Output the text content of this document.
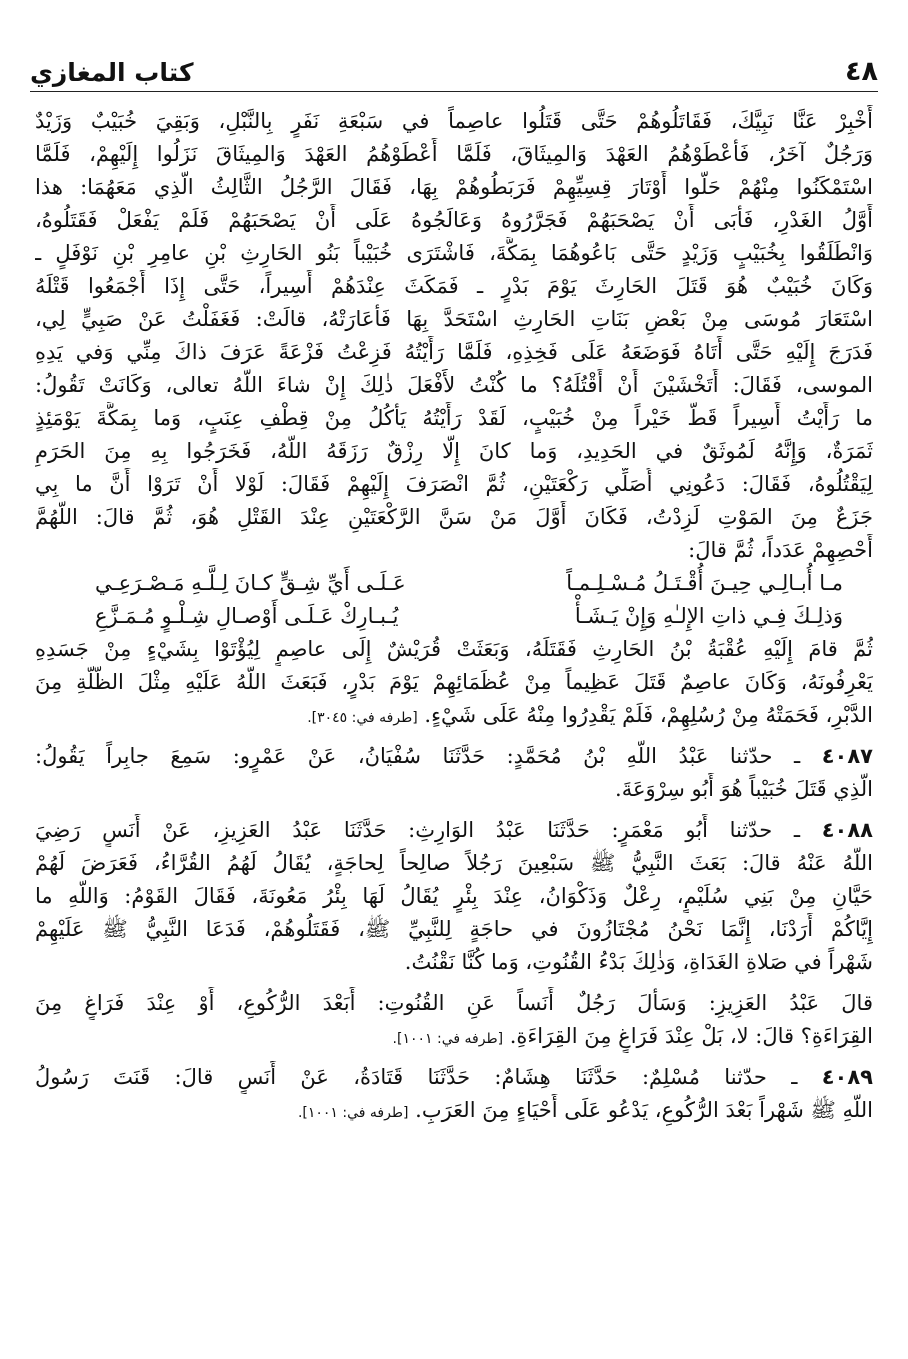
٤٨
كتاب المغازي
أَخْبِرْ عَنَّا نَبِيَّكَ، فَقَاتَلُوهُمْ حَتَّى قَتَلُوا عاصِماً في سَبْعَةِ نَفَرٍ بِالنَّبْلِ، وَبَقِيَ خُبَيْبٌ وَزَيْدٌ
وَرَجُلٌ آخَرُ، فَأَعْطَوْهُمُ العَهْدَ وَالمِيثَاقَ، فَلَمَّا أَعْطَوْهُمُ العَهْدَ وَالمِيثَاقَ نَزَلُوا إِلَيْهِمْ، فَلَمَّا
اسْتَمْكَنُوا مِنْهُمْ حَلُّوا أَوْتَارَ قِسِيِّهِمْ فَرَبَطُوهُمْ بِهَا، فَقَالَ الرَّجُلُ الثَّالِثُ الَّذِي مَعَهُمَا: هذا
أَوَّلُ الغَدْرِ، فَأَبَى أَنْ يَصْحَبَهُمْ فَجَرَّرُوهُ وَعَالَجُوهُ عَلَى أَنْ يَصْحَبَهُمْ فَلَمْ يَفْعَلْ فَقَتَلُوهُ،
وَانْطَلَقُوا بِخُبَيْبٍ وَزَيْدٍ حَتَّى بَاعُوهُمَا بِمَكَّةَ، فَاشْتَرَى خُبَيْباً بَنُو الحَارِثِ بْنِ عامِرِ بْنِ نَوْفَلٍ ـ
وَكَانَ خُبَيْبٌ هُوَ قَتَلَ الحَارِثَ يَوْمَ بَدْرٍ ـ فَمَكَثَ عِنْدَهُمْ أَسِيراً، حَتَّى إِذَا أَجْمَعُوا قَتْلَهُ
اسْتَعَارَ مُوسَى مِنْ بَعْضِ بَنَاتِ الحَارِثِ اسْتَحَدَّ بِهَا فَأَعَارَتْهُ، قالَتْ: فَغَفَلْتُ عَنْ صَبِيٍّ لِي،
فَدَرَجَ إِلَيْهِ حَتَّى أَتَاهُ فَوَضَعَهُ عَلَى فَخِذِهِ، فَلَمَّا رَأَيْتُهُ فَزِعْتُ فَزْعَةً عَرَفَ ذاكَ مِنِّي وَفي يَدِهِ
الموسى، فَقَالَ: أَتَخْشَيْنَ أَنْ أَقْتُلَهُ؟ ما كُنْتُ لأَفْعَلَ ذٰلِكَ إِنْ شاءَ اللَّهُ تعالى، وَكَانَتْ تَقُولُ:
ما رَأَيْتُ أَسِيراً قَطُّ خَيْراً مِنْ خُبَيْبٍ، لَقَدْ رَأَيْتُهُ يَأْكُلُ مِنْ قِطْفِ عِنَبٍ، وَما بِمَكَّةَ يَوْمَئِذٍ
ثَمَرَةٌ، وَإِنَّهُ لَمُوثَقٌ في الحَدِيدِ، وَما كانَ إِلَّا رِزْقٌ رَزَقَهُ اللَّهُ، فَخَرَجُوا بِهِ مِنَ الحَرَمِ
لِيَقْتُلُوهُ، فَقَالَ: دَعُونِي أُصَلِّي رَكْعَتَيْنِ، ثُمَّ انْصَرَفَ إِلَيْهِمْ فَقَالَ: لَوْلا أَنْ تَرَوْا أَنَّ ما بِي
جَزَعٌ مِنَ المَوْتِ لَزِدْتُ، فَكَانَ أَوَّلَ مَنْ سَنَّ الرَّكْعَتَيْنِ عِنْدَ القَتْلِ هُوَ، ثُمَّ قالَ: اللَّهُمَّ
أَحْصِهِمْ عَدَداً، ثُمَّ قالَ:
مـا أُبـالِـي حِيـنَ أُقْـتَـلُ مُـسْـلِـمـاً
عَـلَـى أَيِّ شِـقٍّ كـانَ لِـلَّـهِ مَـصْـرَعِـي
وَذلِـكَ فِـي ذاتِ الإِلـٰهِ وَإِنْ يَـشَـأْ
يُـبـارِكْ عَـلَـى أَوْصـالِ شِـلْـوٍ مُـمَـزَّعِ
ثُمَّ قامَ إِلَيْهِ عُقْبَةُ بْنُ الحَارِثِ فَقَتَلَهُ، وَبَعَثَتْ قُرَيْشٌ إِلَى عاصِمٍ لِيُؤْتَوْا بِشَيْءٍ مِنْ جَسَدِهِ
يَعْرِفُونَهُ، وَكَانَ عاصِمٌ قَتَلَ عَظِيماً مِنْ عُظَمَائِهِمْ يَوْمَ بَدْرٍ، فَبَعَثَ اللَّهُ عَلَيْهِ مِثْلَ الظُّلَّةِ مِنَ
الدَّبْرِ، فَحَمَتْهُ مِنْ رُسُلِهِمْ، فَلَمْ يَقْدِرُوا مِنْهُ عَلَى شَيْءٍ. [طرفه في: ٣٠٤٥].
٤٠٨٧ ـ حدّثنا عَبْدُ اللَّهِ بْنُ مُحَمَّدٍ: حَدَّثَنَا سُفْيَانُ، عَنْ عَمْرٍو: سَمِعَ جابِراً يَقُولُ:
الَّذِي قَتَلَ خُبَيْباً هُوَ أَبُو سِرْوَعَةَ.
٤٠٨٨ ـ حدّثنا أَبُو مَعْمَرٍ: حَدَّثَنَا عَبْدُ الوَارِثِ: حَدَّثَنَا عَبْدُ العَزِيزِ، عَنْ أَنَسٍ رَضِيَ
اللَّهُ عَنْهُ قالَ: بَعَثَ النَّبِيُّ ﷺ سَبْعِينَ رَجُلاً صالِحاً لِحاجَةٍ، يُقَالُ لَهُمُ القُرَّاءُ، فَعَرَضَ لَهُمْ
حَيَّانِ مِنْ بَنِي سُلَيْمٍ، رِعْلٌ وَذَكْوَانُ، عِنْدَ بِئْرٍ يُقَالُ لَهَا بِئْرُ مَعُونَةَ، فَقَالَ القَوْمُ: وَاللَّهِ ما
إِيَّاكُمْ أَرَدْنَا، إِنَّمَا نَحْنُ مُجْتَازُونَ في حاجَةٍ لِلنَّبِيِّ ﷺ، فَقَتَلُوهُمْ، فَدَعَا النَّبِيُّ ﷺ عَلَيْهِمْ
شَهْراً في صَلاةِ الغَدَاةِ، وَذٰلِكَ بَدْءُ القُنُوتِ، وَما كُنَّا نَقْنُتُ.
قالَ عَبْدُ العَزِيزِ: وَسَأَلَ رَجُلٌ أَنَساً عَنِ القُنُوتِ: أَبَعْدَ الرُّكُوعِ، أَوْ عِنْدَ فَرَاغٍ مِنَ
القِرَاءَةِ؟ قالَ: لا، بَلْ عِنْدَ فَرَاغٍ مِنَ القِرَاءَةِ. [طرفه في: ١٠٠١].
٤٠٨٩ ـ حدّثنا مُسْلِمٌ: حَدَّثَنَا هِشَامٌ: حَدَّثَنَا قَتَادَةُ، عَنْ أَنَسٍ قالَ: قَنَتَ رَسُولُ
اللَّهِ ﷺ شَهْراً بَعْدَ الرُّكُوعِ، يَدْعُو عَلَى أَحْيَاءٍ مِنَ العَرَبِ. [طرفه في: ١٠٠١].
